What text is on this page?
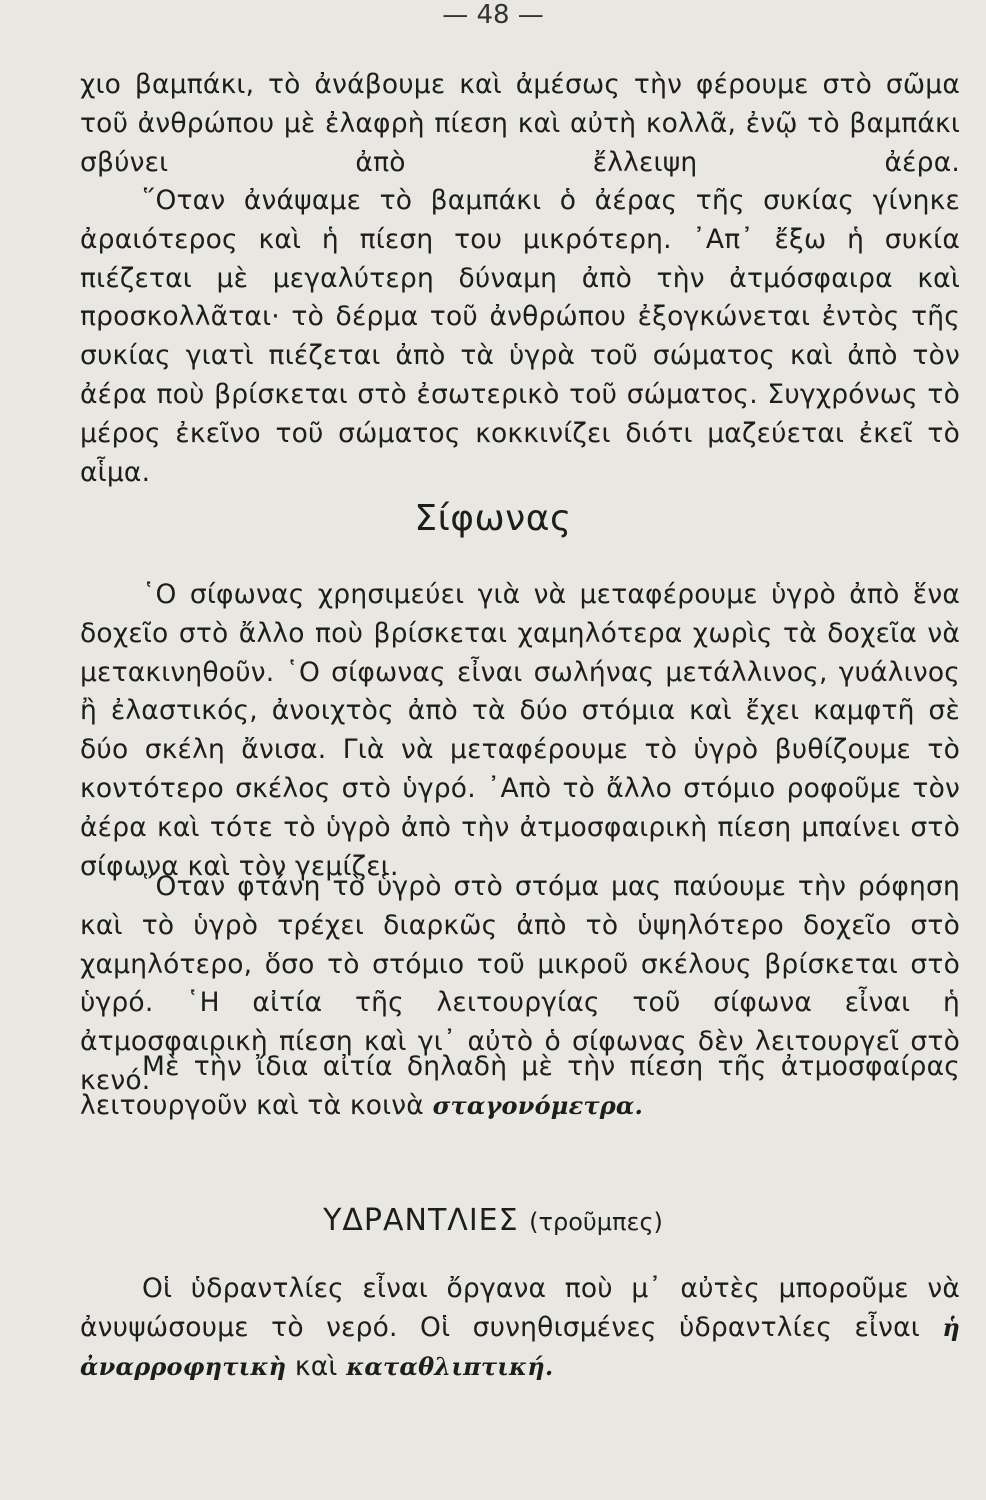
— 48 —

χιο βαμπάκι, τὸ ἀνάβουμε καὶ ἀμέσως τὴν φέρουμε στὸ σῶμα τοῦ ἀνθρώπου μὲ ἐλαφρὴ πίεση καὶ αὐτὴ κολλᾶ, ἐνῷ τὸ βαμπάκι σβύνει ἀπὸ ἔλλειψη ἀέρα.

῞Οταν ἀνάψαμε τὸ βαμπάκι ὁ ἀέρας τῆς συκίας γίνηκε ἀραιότερος καὶ ἡ πίεση του μικρότερη. ᾿Απ᾿ ἔξω ἡ συκία πιέζεται μὲ μεγαλύτερη δύναμη ἀπὸ τὴν ἀτμόσφαιρα καὶ προσκολλᾶται· τὸ δέρμα τοῦ ἀνθρώπου ἐξογκώνεται ἐντὸς τῆς συκίας γιατὶ πιέζεται ἀπὸ τὰ ὑγρὰ τοῦ σώματος καὶ ἀπὸ τὸν ἀέρα ποὺ βρίσκεται στὸ ἐσωτερικὸ τοῦ σώματος. Συγχρόνως τὸ μέρος ἐκεῖνο τοῦ σώματος κοκκινίζει διότι μαζεύεται ἐκεῖ τὸ αἷμα.

Σίφωνας

῾Ο σίφωνας χρησιμεύει γιὰ νὰ μεταφέρουμε ὑγρὸ ἀπὸ ἕνα δοχεῖο στὸ ἄλλο ποὺ βρίσκεται χαμηλότερα χωρὶς τὰ δοχεῖα νὰ μετακινηθοῦν. ῾Ο σίφωνας εἶναι σωλήνας μετάλλινος, γυάλινος ἢ ἐλαστικός, ἀνοιχτὸς ἀπὸ τὰ δύο στόμια καὶ ἔχει καμφτῆ σὲ δύο σκέλη ἄνισα. Γιὰ νὰ μεταφέρουμε τὸ ὑγρὸ βυθίζουμε τὸ κοντότερο σκέλος στὸ ὑγρό. ᾿Απὸ τὸ ἄλλο στόμιο ροφοῦμε τὸν ἀέρα καὶ τότε τὸ ὑγρὸ ἀπὸ τὴν ἀτμοσφαιρικὴ πίεση μπαίνει στὸ σίφωνα καὶ τὸν γεμίζει.

῞Οταν φτάνη τὸ ὑγρὸ στὸ στόμα μας παύουμε τὴν ρόφηση καὶ τὸ ὑγρὸ τρέχει διαρκῶς ἀπὸ τὸ ὑψηλότερο δοχεῖο στὸ χαμηλότερο, ὅσο τὸ στόμιο τοῦ μικροῦ σκέλους βρίσκεται στὸ ὑγρό. ῾Η αἰτία τῆς λειτουργίας τοῦ σίφωνα εἶναι ἡ ἀτμοσφαιρικὴ πίεση καὶ γι᾿ αὐτὸ ὁ σίφωνας δὲν λειτουργεῖ στὸ κενό.

Μὲ τὴν ἴδια αἰτία δηλαδὴ μὲ τὴν πίεση τῆς ἀτμοσφαίρας λειτουργοῦν καὶ τὰ κοινὰ σταγονόμετρα.

ΥΔΡΑΝΤΛΙΕΣ (τροῦμπες)

Οἱ ὑδραντλίες εἶναι ὄργανα ποὺ μ᾿ αὐτὲς μποροῦμε νὰ ἀνυψώσουμε τὸ νερό. Οἱ συνηθισμένες ὑδραντλίες εἶναι ἡ ἀναρροφητικὴ καὶ καταθλιπτική.
